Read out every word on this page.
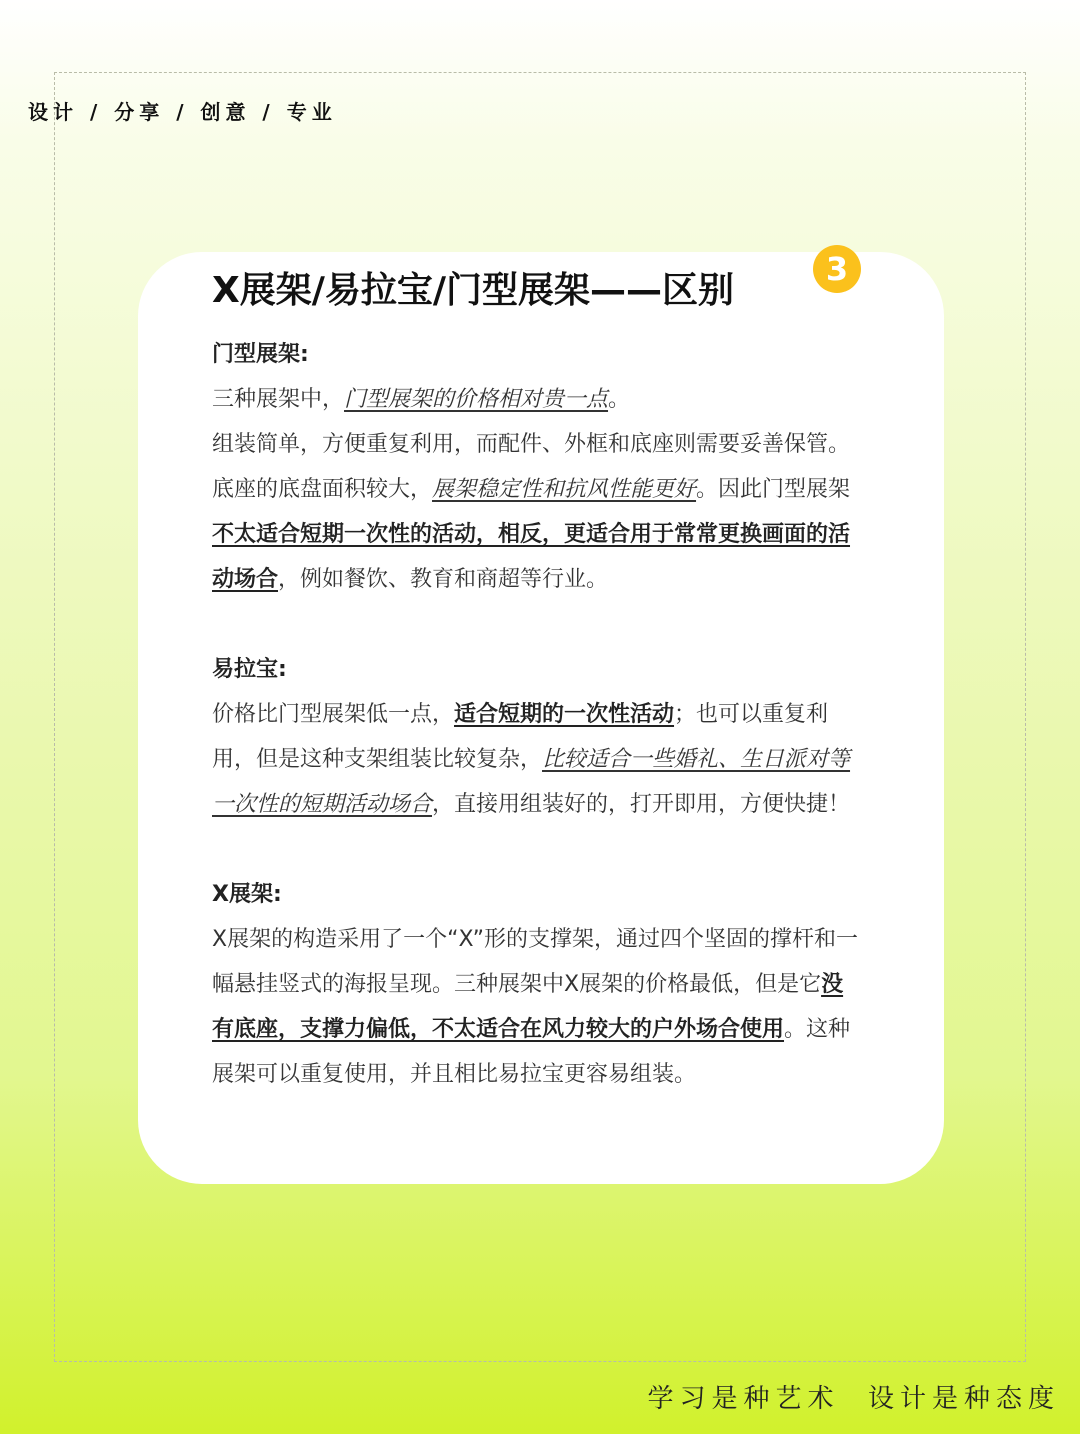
设计 / 分享 / 创意 / 专业
3
X展架/易拉宝/门型展架——区别
门型展架:
三种展架中，门型展架的价格相对贵一点。
组装简单，方便重复利用，而配件、外框和底座则需要妥善保管。底座的底盘面积较大，展架稳定性和抗风性能更好。因此门型展架不太适合短期一次性的活动，相反，更适合用于常常更换画面的活动场合，例如餐饮、教育和商超等行业。
易拉宝:
价格比门型展架低一点，适合短期的一次性活动；也可以重复利用，但是这种支架组装比较复杂，比较适合一些婚礼、生日派对等一次性的短期活动场合，直接用组装好的，打开即用，方便快捷！
X展架:
X展架的构造采用了一个“X”形的支撑架，通过四个坚固的撑杆和一幅悬挂竖式的海报呈现。三种展架中X展架的价格最低，但是它没有底座，支撑力偏低，不太适合在风力较大的户外场合使用。这种展架可以重复使用，并且相比易拉宝更容易组装。
学习是种艺术  设计是种态度
